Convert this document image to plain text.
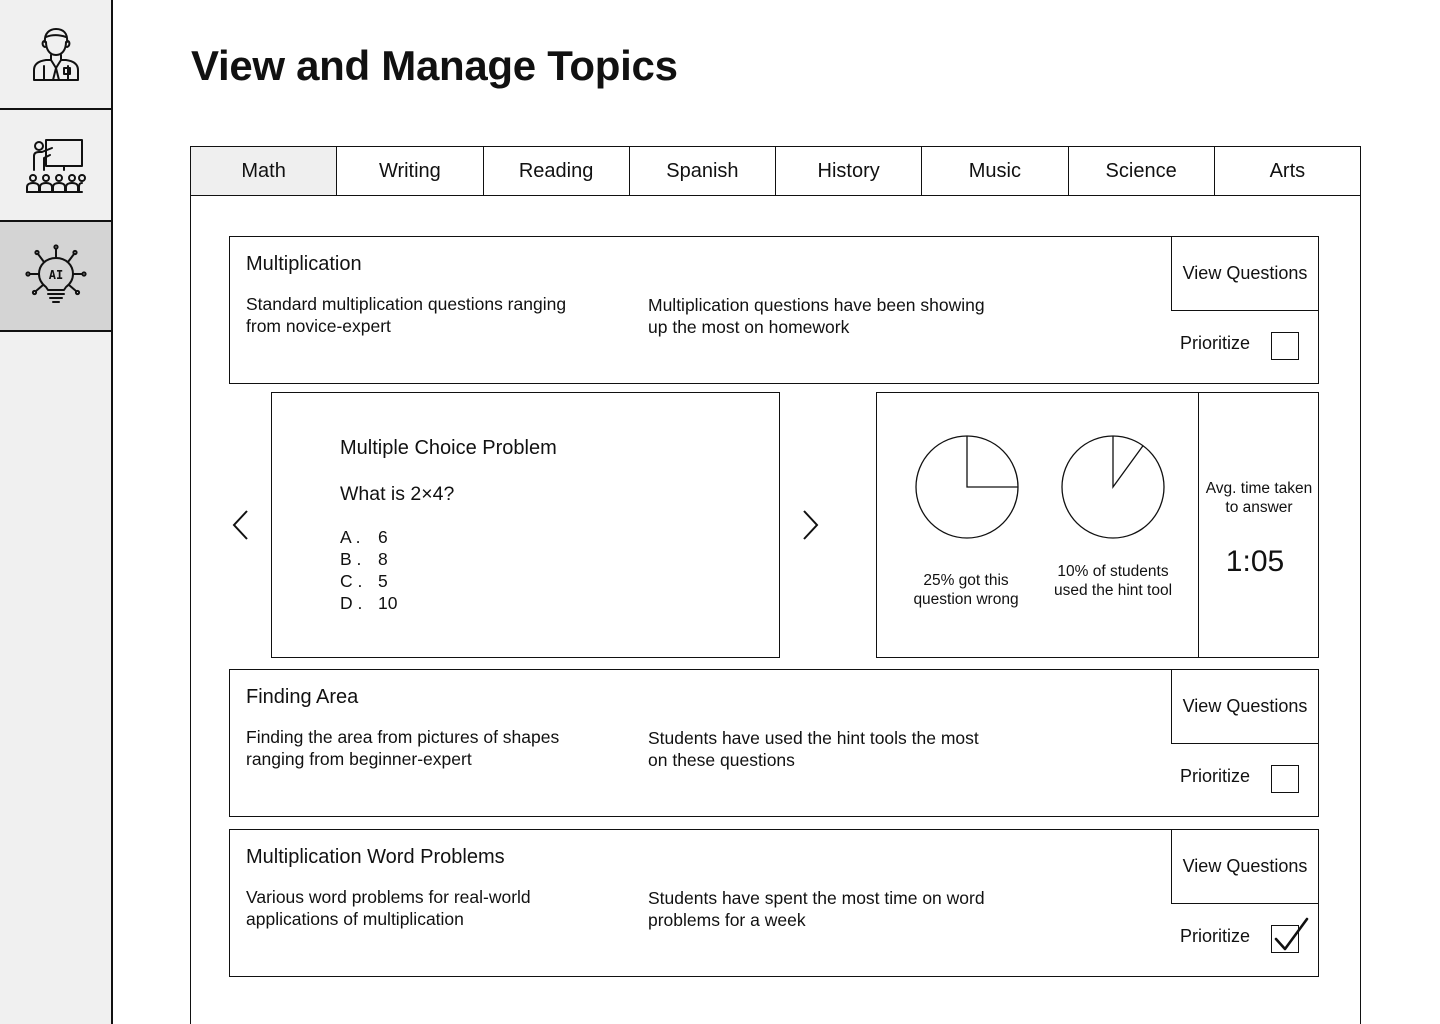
AI
View and Manage Topics
Math	Writing	Reading	Spanish	History	Music	Science	Arts
Multiplication
Standard multiplication questions ranging from novice-expert
Multiplication questions have been showing up the most on homework
View Questions
Prioritize
Multiple Choice Problem
What is 2×4?
A .	6
B . 8
C . 5
D . 10
25% got this question wrong
10% of students used the hint tool
Avg. time taken to answer
1:05
Finding Area
Finding the area from pictures of shapes ranging from beginner-expert
Students have used the hint tools the most on these questions
View Questions
Prioritize
Multiplication Word Problems
Various word problems for real-world applications of multiplication
Students have spent the most time on word problems for a week
View Questions
Prioritize
